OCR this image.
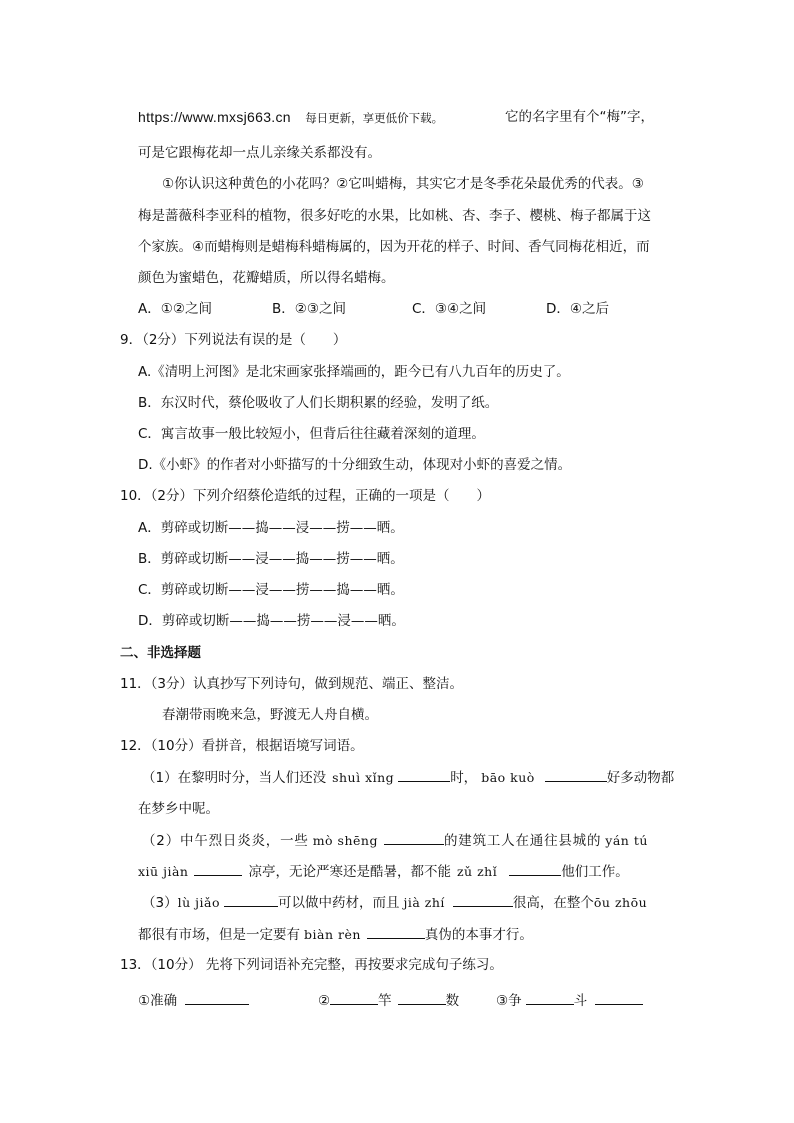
https://www.mxsj663.cn 每日更新，享更低价下载。	它的名字里有个“梅”字，
可是它跟梅花却一点儿亲缘关系都没有。
①你认识这种黄色的小花吗？②它叫蜡梅，其实它才是冬季花朵最优秀的代表。③
梅是蔷薇科李亚科的植物，很多好吃的水果，比如桃、杏、李子、樱桃、梅子都属于这
个家族。④而蜡梅则是蜡梅科蜡梅属的，因为开花的样子、时间、香气同梅花相近，而
颜色为蜜蜡色，花瓣蜡质，所以得名蜡梅。
A．①②之间	B．②③之间	C．③④之间	D．④之后
9．（2分）下列说法有误的是（　　）
A.《清明上河图》是北宋画家张择端画的，距今已有八九百年的历史了。
B．东汉时代，蔡伦吸收了人们长期积累的经验，发明了纸。
C．寓言故事一般比较短小，但背后往往藏着深刻的道理。
D.《小虾》的作者对小虾描写的十分细致生动，体现对小虾的喜爱之情。
10．（2分）下列介绍蔡伦造纸的过程，正确的一项是（　　）
A．剪碎或切断——捣——浸——捞——晒。
B．剪碎或切断——浸——捣——捞——晒。
C．剪碎或切断——浸——捞——捣——晒。
D．剪碎或切断——捣——捞——浸——晒。
二、非选择题
11．（3分）认真抄写下列诗句，做到规范、端正、整洁。
春潮带雨晚来急，野渡无人舟自横。
12．（10分）看拼音，根据语境写词语。
（1）在黎明时分，当人们还没 shuì xǐng	时， bāo kuò	好多动物都
在梦乡中呢。
（2）中午烈日炎炎，一些 mò shēng	的建筑工人在通往县城的 yán tú
xiū jiàn	凉亭，无论严寒还是酷暑，都不能 zǔ zhǐ	他们工作。
（3）lù jiǎo	可以做中药材，而且 jià zhí	很高，在整个ōu zhōu
都很有市场，但是一定要有 biàn rèn	真伪的本事才行。
13．（10分） 先将下列词语补充完整，再按要求完成句子练习。
①准确	②	竿	数	③争	斗
